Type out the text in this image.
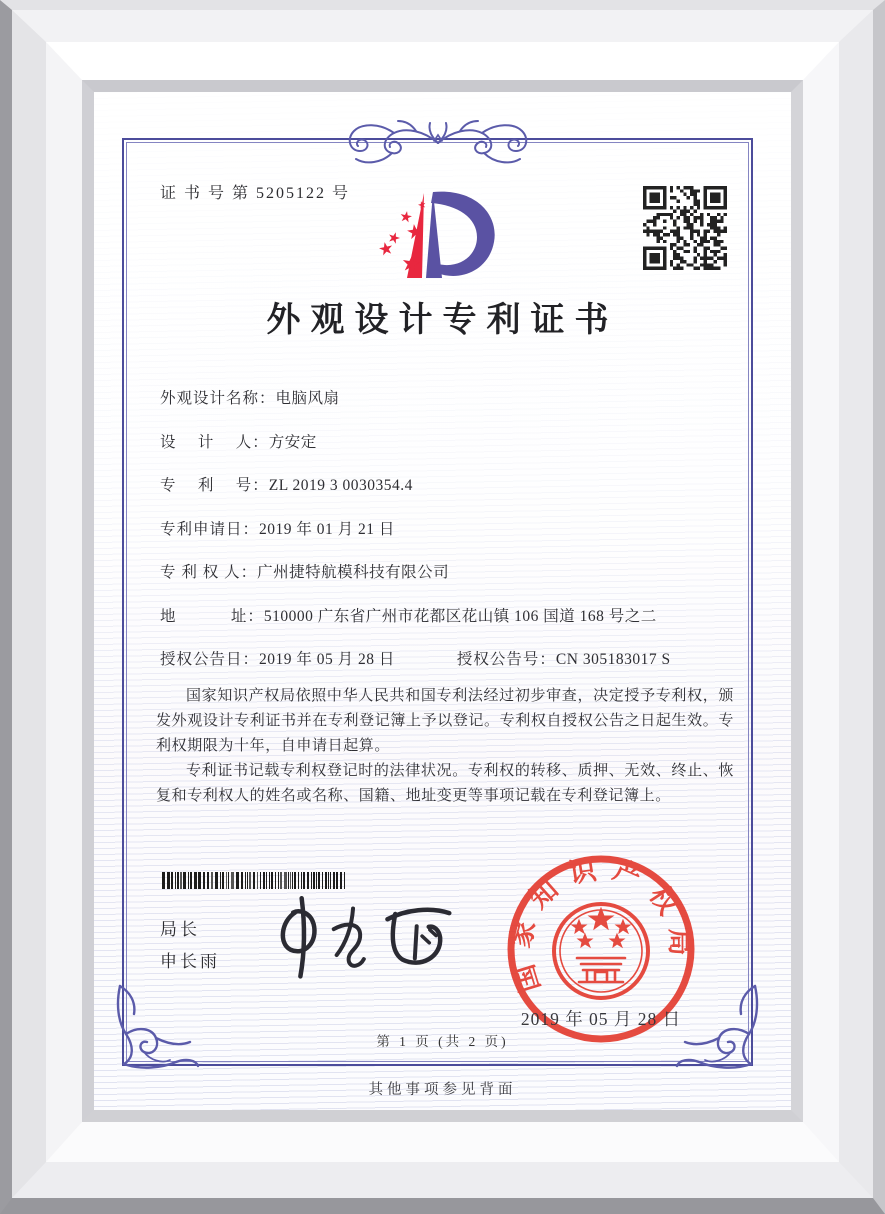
证 书 号 第 5205122 号
外观设计专利证书
外观设计名称：电脑风扇
设　 计　 人：方安定
专　 利　 号：ZL 2019 3 0030354.4
专利申请日：2019 年 01 月 21 日
专 利 权 人：广州捷特航模科技有限公司
地　　　 址：510000 广东省广州市花都区花山镇 106 国道 168 号之二
授权公告日：2019 年 05 月 28 日	授权公告号：CN 305183017 S

国家知识产权局依照中华人民共和国专利法经过初步审查，决定授予专利权，颁发外观设计专利证书并在专利登记簿上予以登记。专利权自授权公告之日起生效。专利权期限为十年，自申请日起算。

专利证书记载专利权登记时的法律状况。专利权的转移、质押、无效、终止、恢复和专利权人的姓名或名称、国籍、地址变更等事项记载在专利登记簿上。

局长
申长雨	国家知识产权局
2019 年 05 月 28 日
第 1 页 (共 2 页)
其他事项参见背面
